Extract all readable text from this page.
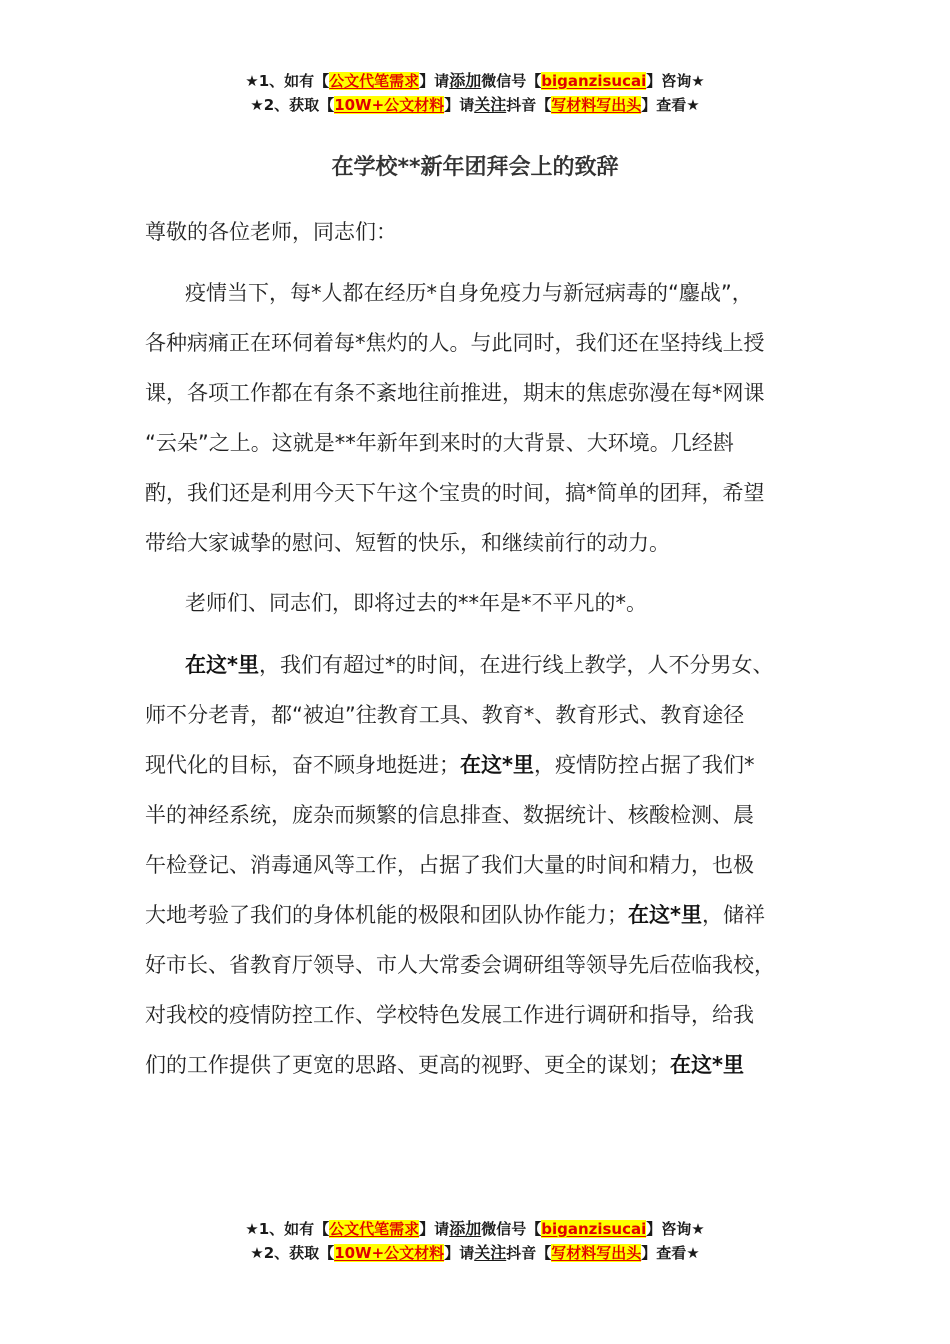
★1、如有【公文代笔需求】请添加微信号【biganzisucai】咨询★
★2、获取【10W+公文材料】请关注抖音【写材料写出头】查看★
在学校**新年团拜会上的致辞
尊敬的各位老师，同志们：
疫情当下，每*人都在经历*自身免疫力与新冠病毒的“鏖战”，
各种病痛正在环伺着每*焦灼的人。与此同时，我们还在坚持线上授
课，各项工作都在有条不紊地往前推进，期末的焦虑弥漫在每*网课
“云朵”之上。这就是**年新年到来时的大背景、大环境。几经斟
酌，我们还是利用今天下午这个宝贵的时间，搞*简单的团拜，希望
带给大家诚挚的慰问、短暂的快乐，和继续前行的动力。
老师们、同志们，即将过去的**年是*不平凡的*。
在这*里，我们有超过*的时间，在进行线上教学，人不分男女、
师不分老青，都“被迫”往教育工具、教育*、教育形式、教育途径
现代化的目标，奋不顾身地挺进；在这*里，疫情防控占据了我们*
半的神经系统，庞杂而频繁的信息排查、数据统计、核酸检测、晨
午检登记、消毒通风等工作，占据了我们大量的时间和精力，也极
大地考验了我们的身体机能的极限和团队协作能力；在这*里，储祥
好市长、省教育厅领导、市人大常委会调研组等领导先后莅临我校，
对我校的疫情防控工作、学校特色发展工作进行调研和指导，给我
们的工作提供了更宽的思路、更高的视野、更全的谋划；在这*里
★1、如有【公文代笔需求】请添加微信号【biganzisucai】咨询★
★2、获取【10W+公文材料】请关注抖音【写材料写出头】查看★
